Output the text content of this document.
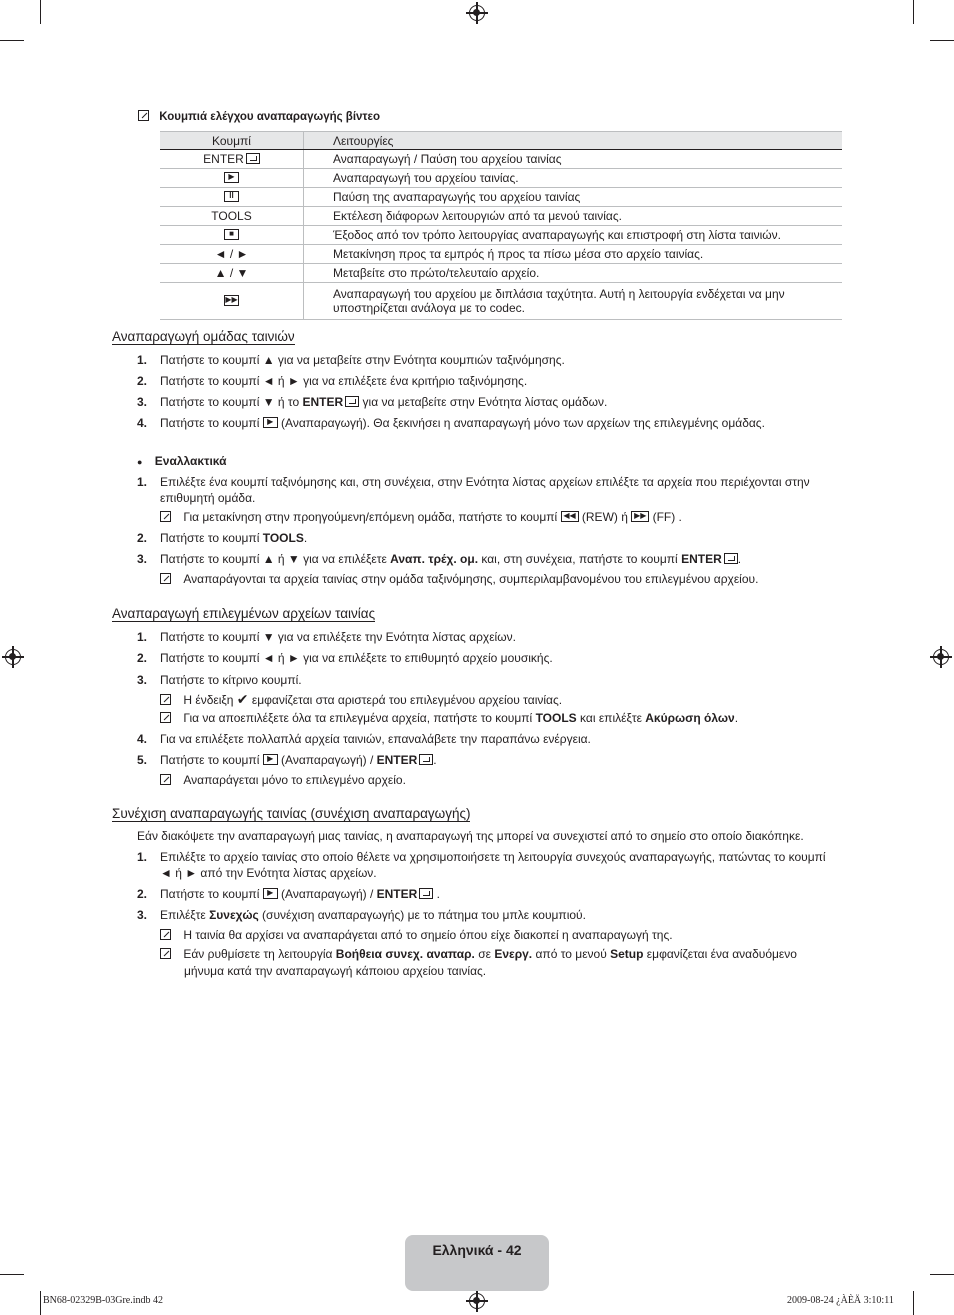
Κουμπιά ελέγχου αναπαραγωγής βίντεο
Κουμπί	Λειτουργίες
ENTER	Αναπαραγωγή / Παύση του αρχείου ταινίας

▶	Αναπαραγωγή του αρχείου ταινίας.

ll	Παύση της αναπαραγωγής του αρχείου ταινίας
TOOLS	Εκτέλεση διάφορων λειτουργιών από τα μενού ταινίας.

■	Έξοδος από τον τρόπο λειτουργίας αναπαραγωγής και επιστροφή στη λίστα ταινιών.
◄ / ►	Μετακίνηση προς τα εμπρός ή προς τα πίσω μέσα στο αρχείο ταινίας.
▲ / ▼	Μεταβείτε στο πρώτο/τελευταίο αρχείο.

▶▶	Αναπαραγωγή του αρχείου με διπλάσια ταχύτητα. Αυτή η λειτουργία ενδέχεται να μην
υποστηρίζεται ανάλογα με το codec.
Αναπαραγωγή ομάδας ταινιών
1. Πατήστε το κουμπί ▲ για να μεταβείτε στην Ενότητα κουμπιών ταξινόμησης.
2. Πατήστε το κουμπί ◄ ή ► για να επιλέξετε ένα κριτήριο ταξινόμησης.
3. Πατήστε το κουμπί ▼ ή το ENTER για να μεταβείτε στην Ενότητα λίστας ομάδων.
4. Πατήστε το κουμπί ▶ (Αναπαραγωγή). Θα ξεκινήσει η αναπαραγωγή μόνο των αρχείων της επιλεγμένης ομάδας.
● Εναλλακτικά
1. Επιλέξτε ένα κουμπί ταξινόμησης και, στη συνέχεια, στην Ενότητα λίστας αρχείων επιλέξτε τα αρχεία που περιέχονται στην
επιθυμητή ομάδα.
Για μετακίνηση στην προηγούμενη/επόμενη ομάδα, πατήστε το κουμπί ◀◀ (REW) ή ▶▶ (FF) .
2. Πατήστε το κουμπί TOOLS.
3. Πατήστε το κουμπί ▲ ή ▼ για να επιλέξετε Αναπ. τρέχ. ομ. και, στη συνέχεια, πατήστε το κουμπί ENTER .
Αναπαράγονται τα αρχεία ταινίας στην ομάδα ταξινόμησης, συμπεριλαμβανομένου του επιλεγμένου αρχείου.
Αναπαραγωγή επιλεγμένων αρχείων ταινίας
1. Πατήστε το κουμπί ▼ για να επιλέξετε την Ενότητα λίστας αρχείων.
2. Πατήστε το κουμπί ◄ ή ► για να επιλέξετε το επιθυμητό αρχείο μουσικής.
3. Πατήστε το κίτρινο κουμπί.
Η ένδειξη ✔ εμφανίζεται στα αριστερά του επιλεγμένου αρχείου ταινίας.
Για να αποεπιλέξετε όλα τα επιλεγμένα αρχεία, πατήστε το κουμπί TOOLS και επιλέξτε Ακύρωση όλων.
4. Για να επιλέξετε πολλαπλά αρχεία ταινιών, επαναλάβετε την παραπάνω ενέργεια.
5. Πατήστε το κουμπί ▶ (Αναπαραγωγή) / ENTER .
Αναπαράγεται μόνο το επιλεγμένο αρχείο.
Συνέχιση αναπαραγωγής ταινίας (συνέχιση αναπαραγωγής)
Εάν διακόψετε την αναπαραγωγή μιας ταινίας, η αναπαραγωγή της μπορεί να συνεχιστεί από το σημείο στο οποίο διακόπηκε.
1. Επιλέξτε το αρχείο ταινίας στο οποίο θέλετε να χρησιμοποιήσετε τη λειτουργία συνεχούς αναπαραγωγής, πατώντας το κουμπί
◄ ή ► από την Ενότητα λίστας αρχείων.
2. Πατήστε το κουμπί ▶ (Αναπαραγωγή) / ENTER .
3. Επιλέξτε Συνεχώς (συνέχιση αναπαραγωγής) με το πάτημα του μπλε κουμπιού.
Η ταινία θα αρχίσει να αναπαράγεται από το σημείο όπου είχε διακοπεί η αναπαραγωγή της.
Εάν ρυθμίσετε τη λειτουργία Βοήθεια συνεχ. αναπαρ. σε Ενεργ. από το μενού Setup εμφανίζεται ένα αναδυόμενο
μήνυμα κατά την αναπαραγωγή κάποιου αρχείου ταινίας.
Ελληνικά - 42
BN68-02329B-03Gre.indb 42	2009-08-24 ¿ÀÈÄ 3:10:11
